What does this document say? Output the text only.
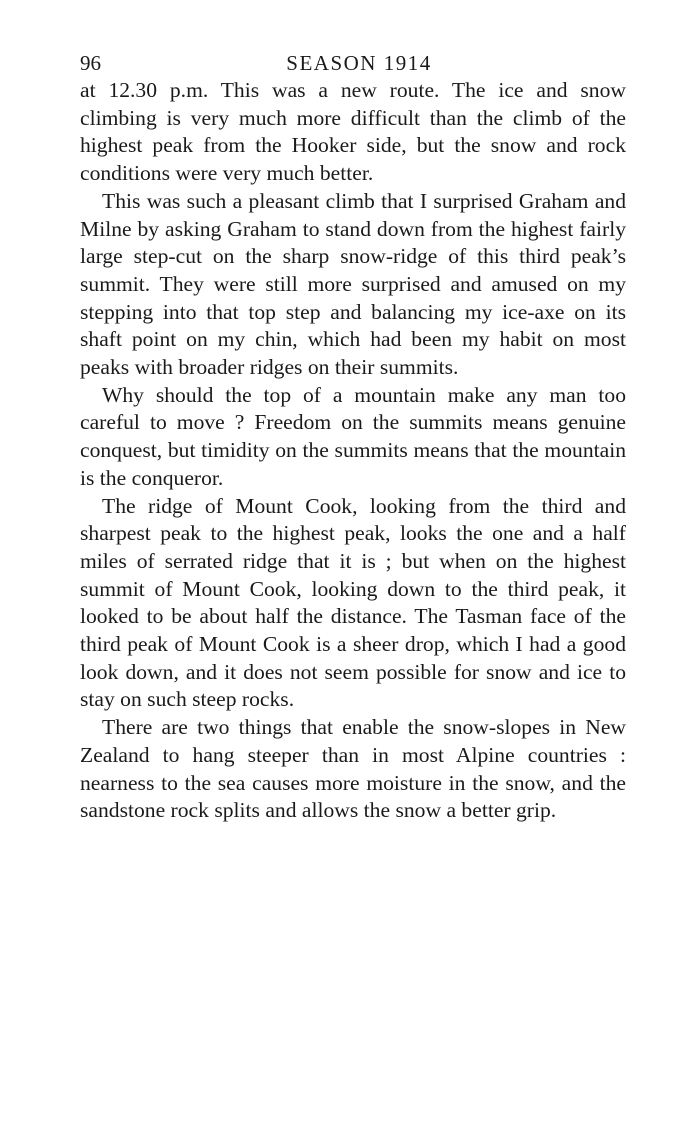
96	SEASON 1914

at 12.30 p.m. This was a new route. The ice and snow climbing is very much more difficult than the climb of the highest peak from the Hooker side, but the snow and rock conditions were very much better.

This was such a pleasant climb that I surprised Graham and Milne by asking Graham to stand down from the highest fairly large step-cut on the sharp snow-ridge of this third peak’s summit. They were still more surprised and amused on my stepping into that top step and balancing my ice-axe on its shaft point on my chin, which had been my habit on most peaks with broader ridges on their summits.

Why should the top of a mountain make any man too careful to move ? Freedom on the summits means genuine conquest, but timidity on the summits means that the mountain is the conqueror.

The ridge of Mount Cook, looking from the third and sharpest peak to the highest peak, looks the one and a half miles of serrated ridge that it is ; but when on the highest summit of Mount Cook, looking down to the third peak, it looked to be about half the distance. The Tasman face of the third peak of Mount Cook is a sheer drop, which I had a good look down, and it does not seem possible for snow and ice to stay on such steep rocks.

There are two things that enable the snow-slopes in New Zealand to hang steeper than in most Alpine countries : nearness to the sea causes more moisture in the snow, and the sandstone rock splits and allows the snow a better grip.
